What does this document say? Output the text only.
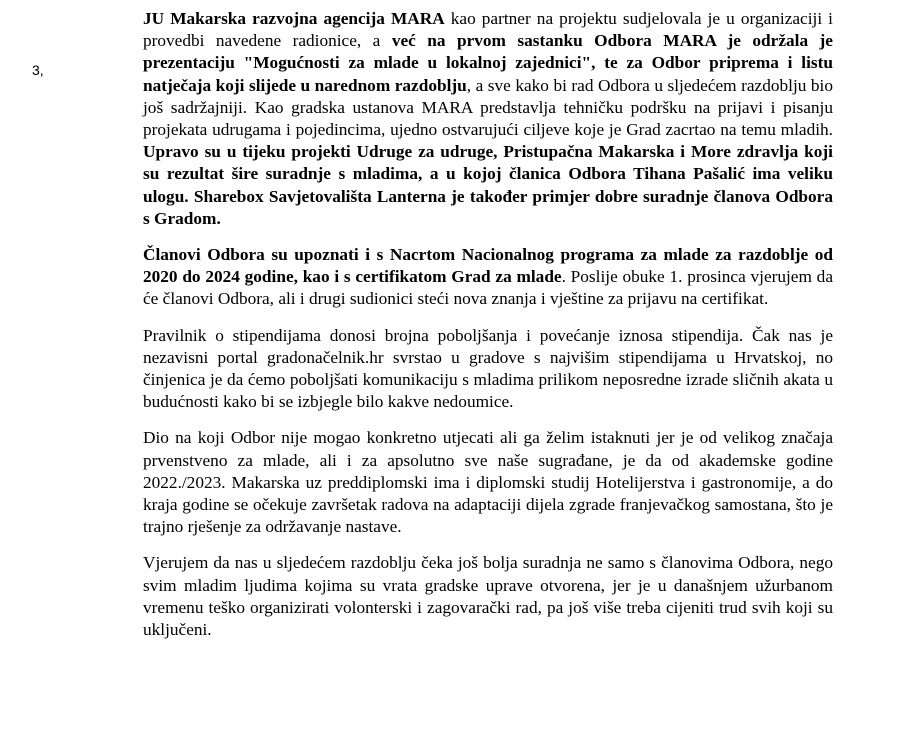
3,

JU Makarska razvojna agencija MARA kao partner na projektu sudjelovala je u organizaciji i provedbi navedene radionice, a već na prvom sastanku Odbora MARA je održala je prezentaciju "Mogućnosti za mlade u lokalnoj zajednici", te za Odbor priprema i listu natječaja koji slijede u narednom razdoblju, a sve kako bi rad Odbora u sljedećem razdoblju bio još sadržajniji. Kao gradska ustanova MARA predstavlja tehničku podršku na prijavi i pisanju projekata udrugama i pojedincima, ujedno ostvarujući ciljeve koje je Grad zacrtao na temu mladih. Upravo su u tijeku projekti Udruge za udruge, Pristupačna Makarska i More zdravlja koji su rezultat šire suradnje s mladima, a u kojoj članica Odbora Tihana Pašalić ima veliku ulogu. Sharebox Savjetovališta Lanterna je također primjer dobre suradnje članova Odbora s Gradom.

Članovi Odbora su upoznati i s Nacrtom Nacionalnog programa za mlade za razdoblje od 2020 do 2024 godine, kao i s certifikatom Grad za mlade. Poslije obuke 1. prosinca vjerujem da će članovi Odbora, ali i drugi sudionici steći nova znanja i vještine za prijavu na certifikat.

Pravilnik o stipendijama donosi brojna poboljšanja i povećanje iznosa stipendija. Čak nas je nezavisni portal gradonačelnik.hr svrstao u gradove s najvišim stipendijama u Hrvatskoj, no činjenica je da ćemo poboljšati komunikaciju s mladima prilikom neposredne izrade sličnih akata u budućnosti kako bi se izbjegle bilo kakve nedoumice.

Dio na koji Odbor nije mogao konkretno utjecati ali ga želim istaknuti jer je od velikog značaja prvenstveno za mlade, ali i za apsolutno sve naše sugrađane, je da od akademske godine 2022./2023. Makarska uz preddiplomski ima i diplomski studij Hotelijerstva i gastronomije, a do kraja godine se očekuje završetak radova na adaptaciji dijela zgrade franjevačkog samostana, što je trajno rješenje za održavanje nastave.

Vjerujem da nas u sljedećem razdoblju čeka još bolja suradnja ne samo s članovima Odbora, nego svim mladim ljudima kojima su vrata gradske uprave otvorena, jer je u današnjem užurbanom vremenu teško organizirati volonterski i zagovarački rad, pa još više treba cijeniti trud svih koji su uključeni.
